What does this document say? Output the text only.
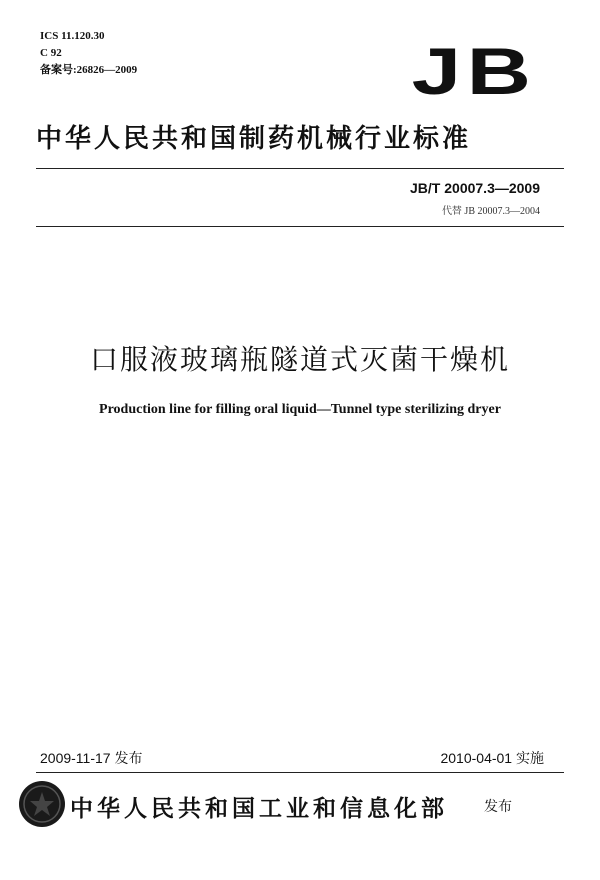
ICS 11.120.30
C 92
备案号:26826—2009	JB
中华人民共和国制药机械行业标准
JB/T 20007.3—2009
代替 JB 20007.3—2004
口服液玻璃瓶隧道式灭菌干燥机
Production line for filling oral liquid—Tunnel type sterilizing dryer
2009-11-17 发布	2010-04-01 实施
中华人民共和国工业和信息化部	发布
